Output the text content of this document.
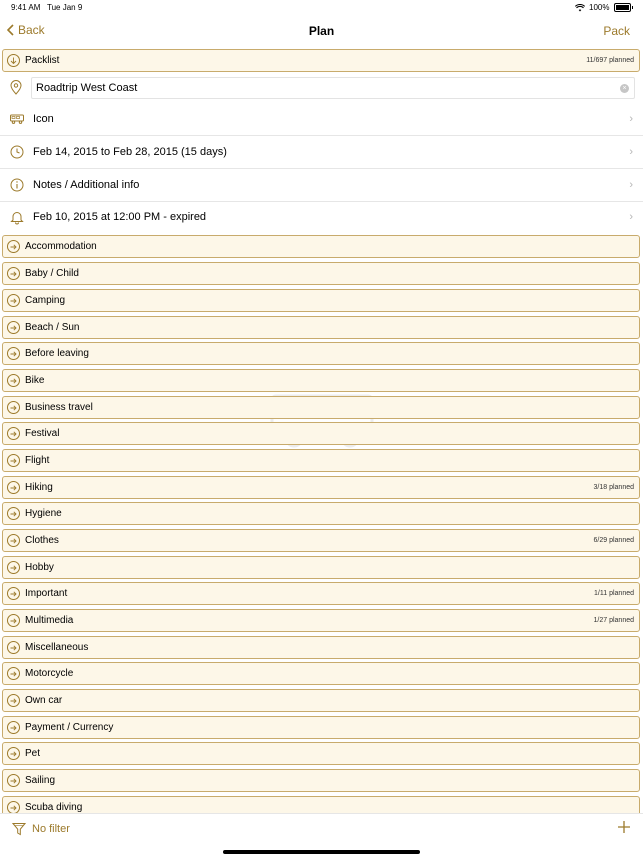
9:41 AM Tue Jan 9	100%
Back	Plan	Pack
Packlist	11/697 planned
Roadtrip West Coast	×
Icon	›
Feb 14, 2015 to Feb 28, 2015 (15 days)	›
Notes / Additional info	›
Feb 10, 2015 at 12:00 PM - expired	›
Accommodation
Baby / Child
Camping
Beach / Sun
Before leaving
Bike
Business travel
Festival
Flight
Hiking	3/18 planned
Hygiene
Clothes	6/29 planned
Hobby
Important	1/11 planned
Multimedia	1/27 planned
Miscellaneous
Motorcycle
Own car
Payment / Currency
Pet
Sailing
Scuba diving
No filter
